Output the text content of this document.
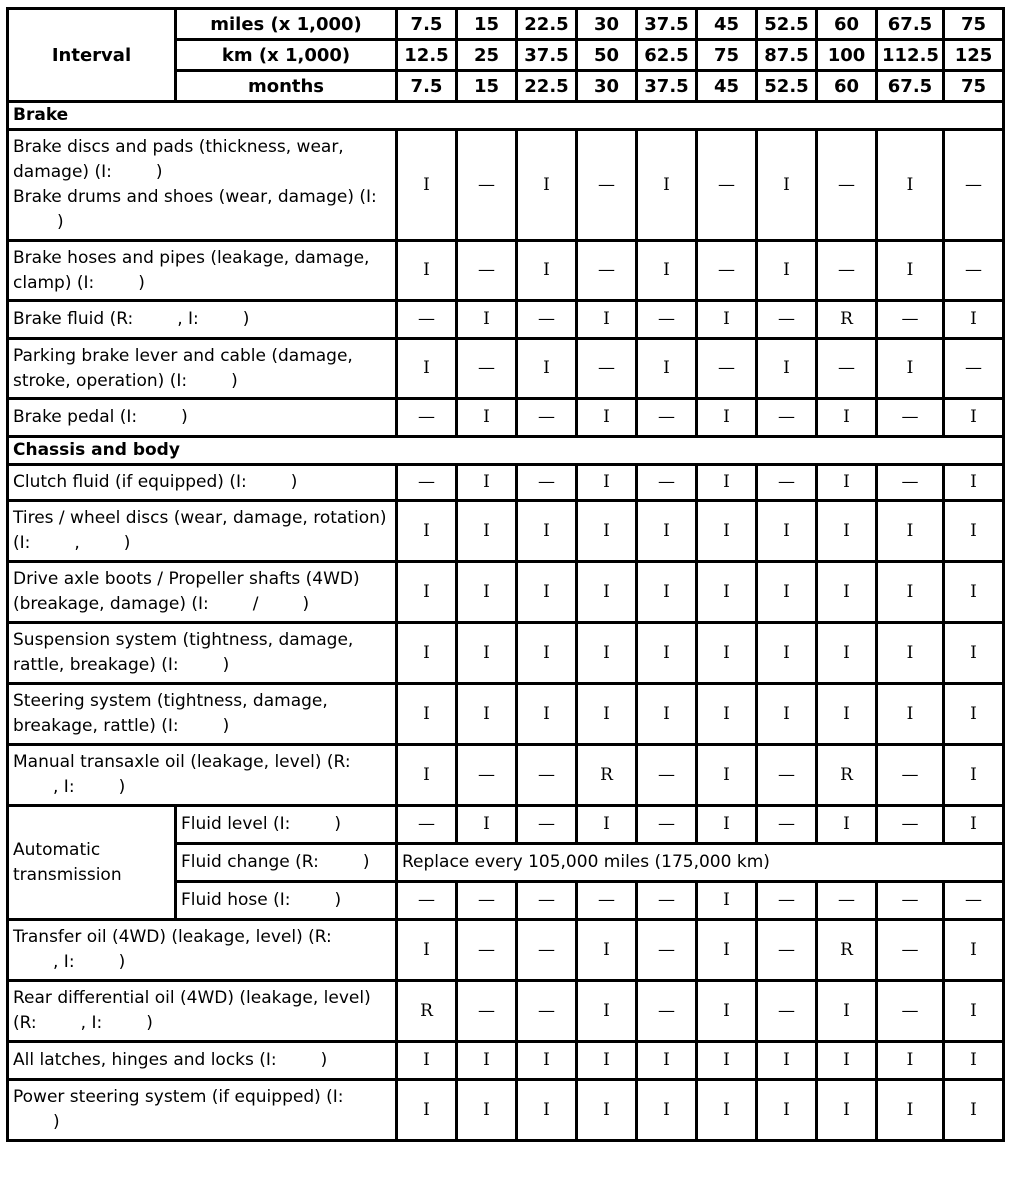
Interval	miles (x 1,000)	7.5	15	22.5	30	37.5	45	52.5	60	67.5	75
	km (x 1,000)	12.5	25	37.5	50	62.5	75	87.5	100	112.5	125
	months	7.5	15	22.5	30	37.5	45	52.5	60	67.5	75
Brake											
Brake discs and pads (thickness, wear, damage) (I: )
Brake drums and shoes (wear, damage) (I:)		I	—	I	—	I	—	I	—	I	—
Brake hoses and pipes (leakage, damage, clamp) (I: )		I	—	I	—	I	—	I	—	I	—
Brake fluid (R: , I: )		—	I	—	I	—	I	—	R	—	I
Parking brake lever and cable (damage, stroke, operation) (I: )		I	—	I	—	I	—	I	—	I	—
Brake pedal (I: )		—	I	—	I	—	I	—	I	—	I
Chassis and body											
Clutch fluid (if equipped) (I: )		—	I	—	I	—	I	—	I	—	I
Tires / wheel discs (wear, damage, rotation) (I: , )		I	I	I	I	I	I	I	I	I	I
Drive axle boots / Propeller shafts (4WD) (breakage, damage) (I: / )		I	I	I	I	I	I	I	I	I	I
Suspension system (tightness, damage, rattle, breakage) (I: )		I	I	I	I	I	I	I	I	I	I
Steering system (tightness, damage, breakage, rattle) (I: )		I	I	I	I	I	I	I	I	I	I
Manual transaxle oil (leakage, level) (R:
, I: )		I	—	—	R	—	I	—	R	—	I
Automatic transmission	Fluid level (I: )	—	I	—	I	—	I	—	I	—	I
	Fluid change (R: )	Replace every 105,000 miles (175,000 km)									
	Fluid hose (I: )	—	—	—	—	—	I	—	—	—	—
Transfer oil (4WD) (leakage, level) (R:
, I: )		I	—	—	I	—	I	—	R	—	I
Rear differential oil (4WD) (leakage, level) (R: , I: )		R	—	—	I	—	I	—	I	—	I
All latches, hinges and locks (I: )		I	I	I	I	I	I	I	I	I	I
Power steering system (if equipped) (I:
)		I	I	I	I	I	I	I	I	I	I
